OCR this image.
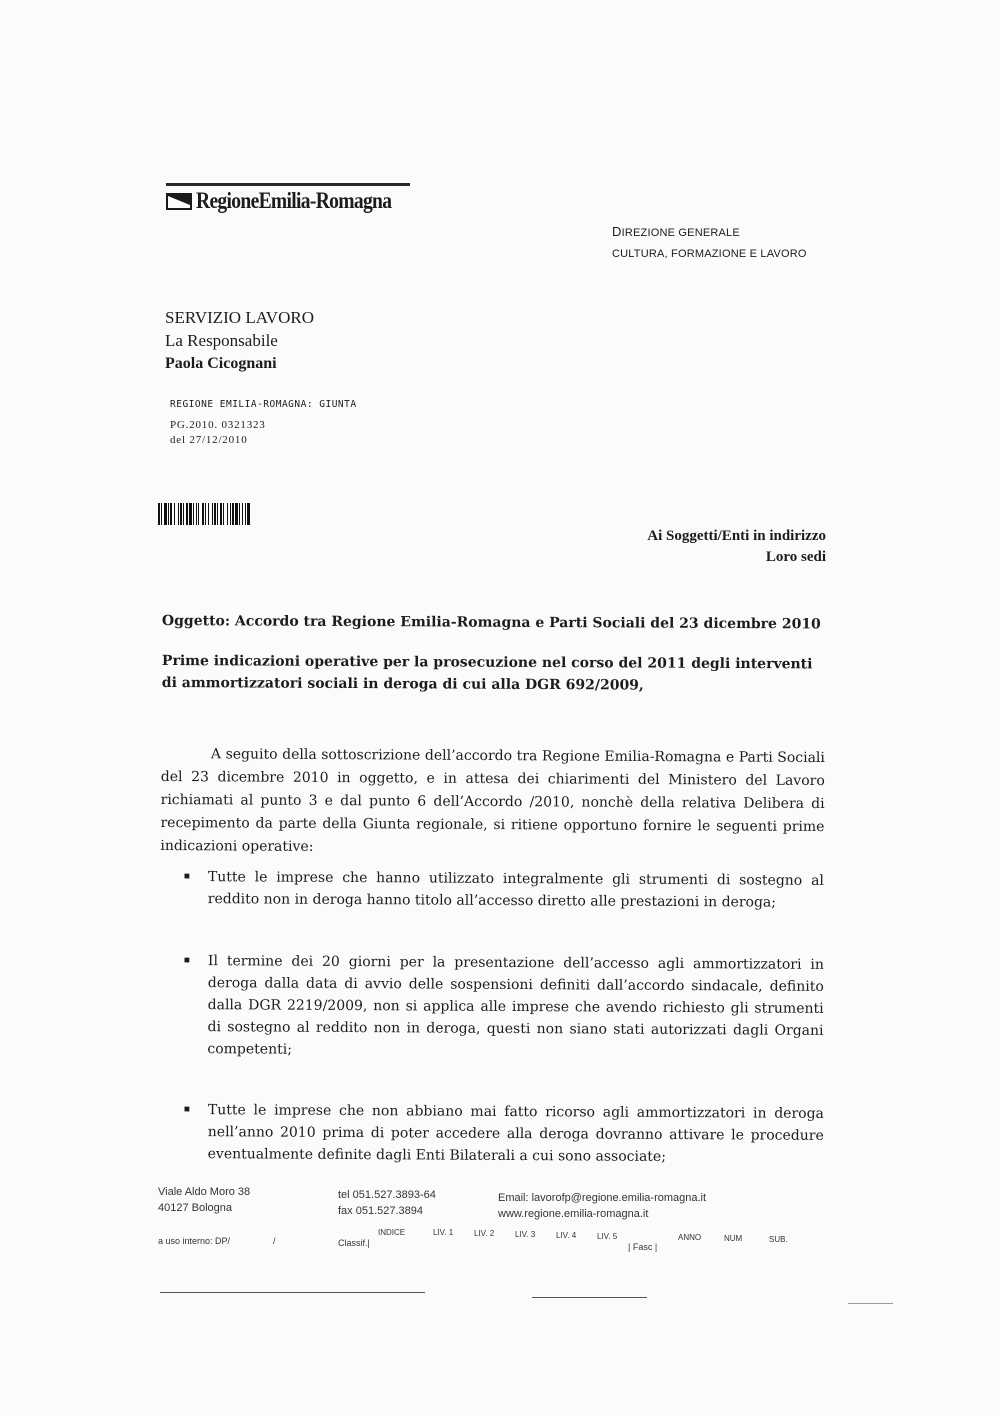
RegioneEmilia-Romagna
DIREZIONE GENERALE
CULTURA, FORMAZIONE E LAVORO
SERVIZIO LAVORO
La Responsabile
Paola Cicognani
REGIONE EMILIA-ROMAGNA: GIUNTA
PG.2010. 0321323
del 27/12/2010
Ai Soggetti/Enti in indirizzo
Loro sedi
Oggetto: Accordo tra Regione Emilia-Romagna e Parti Sociali del 23 dicembre 2010
Prime indicazioni operative per la prosecuzione nel corso del 2011 degli interventi di ammortizzatori sociali in deroga di cui alla DGR 692/2009,
A seguito della sottoscrizione dell’accordo tra Regione Emilia-Romagna e Parti Sociali del 23 dicembre 2010 in oggetto, e in attesa dei chiarimenti del Ministero del Lavoro richiamati al punto 3 e dal punto 6 dell’Accordo /2010, nonchè della relativa Delibera di recepimento da parte della Giunta regionale, si ritiene opportuno fornire le seguenti prime indicazioni operative:
■	Tutte le imprese che hanno utilizzato integralmente gli strumenti di sostegno al reddito non in deroga hanno titolo all’accesso diretto alle prestazioni in deroga;
■	Il termine dei 20 giorni per la presentazione dell’accesso agli ammortizzatori in deroga dalla data di avvio delle sospensioni definiti dall’accordo sindacale, definito dalla DGR 2219/2009, non si applica alle imprese che avendo richiesto gli strumenti di sostegno al reddito non in deroga, questi non siano stati autorizzati dagli Organi competenti;
■	Tutte le imprese che non abbiano mai fatto ricorso agli ammortizzatori in deroga nell’anno 2010 prima di poter accedere alla deroga dovranno attivare le procedure eventualmente definite dagli Enti Bilaterali a cui sono associate;
Viale Aldo Moro 38
40127 Bologna
tel 051.527.3893-64
fax 051.527.3894
Email: lavorofp@regione.emilia-romagna.it
www.regione.emilia-romagna.it
a uso interno: DP/	/	Classif.|
INDICE	LIV. 1	LIV. 2	LIV. 3	LIV. 4	LIV. 5
| Fasc |
ANNO	NUM	SUB.
